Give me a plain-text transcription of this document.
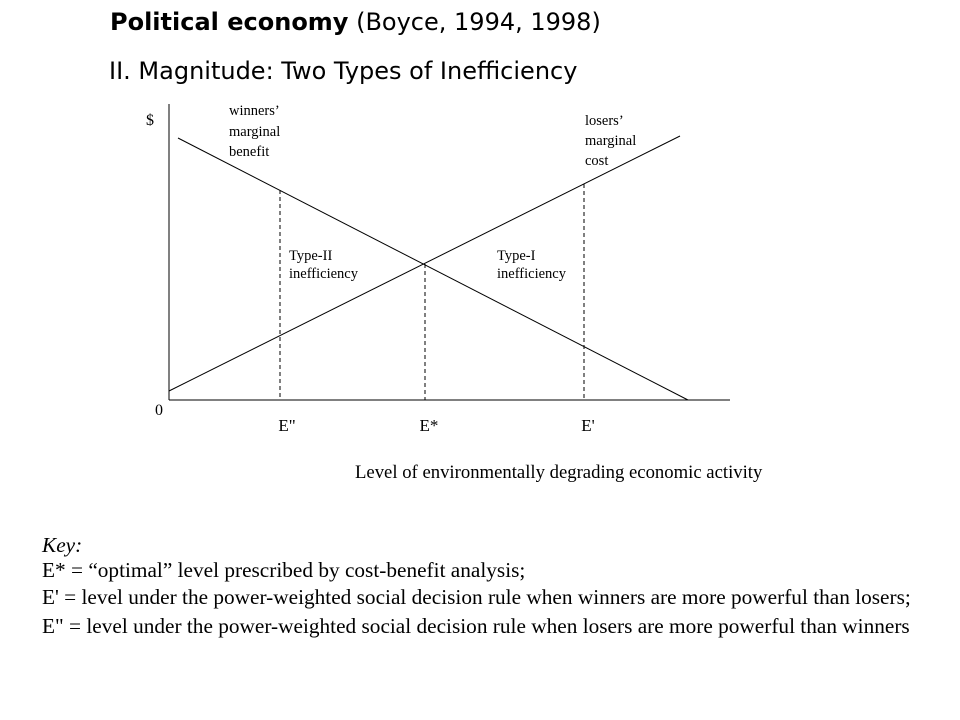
$
0
winners’
marginal
benefit
losers’
marginal
cost
Type-II
inefficiency
Type-I
inefficiency
E"	E*	E'
Level of environmentally degrading economic activity
Political economy (Boyce, 1994, 1998)
II. Magnitude: Two Types of Inefficiency
Key:
E* = “optimal” level prescribed by cost-benefit analysis;
E' = level under the power-weighted social decision rule when winners are more powerful than losers;
E" = level under the power-weighted social decision rule when losers are more powerful than winners
